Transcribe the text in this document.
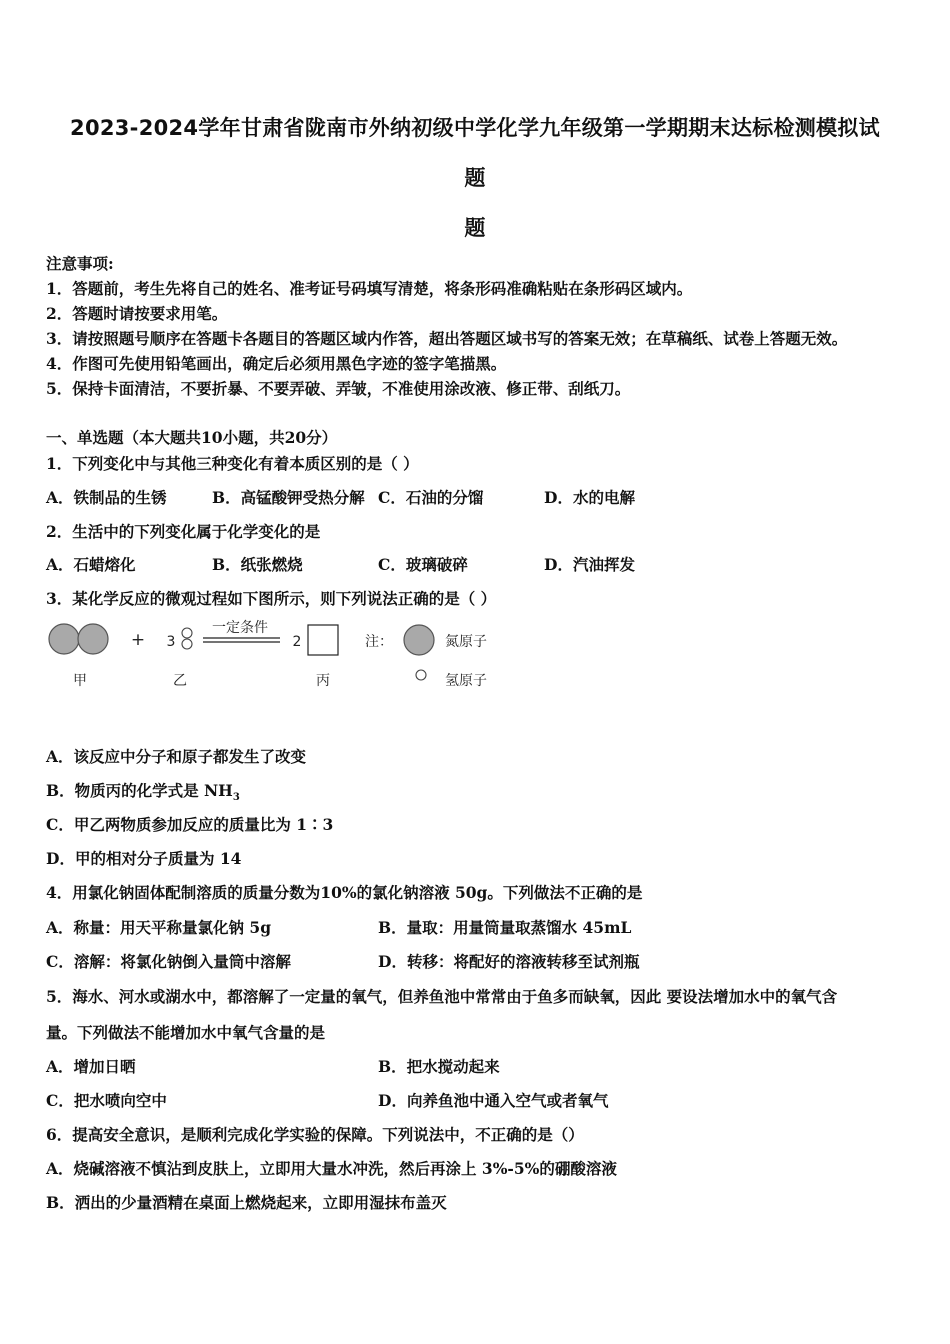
2023-2024学年甘肃省陇南市外纳初级中学化学九年级第一学期期末达标检测模拟试
题
题
注意事项:
1．答题前，考生先将自己的姓名、准考证号码填写清楚，将条形码准确粘贴在条形码区域内。
2．答题时请按要求用笔。
3．请按照题号顺序在答题卡各题目的答题区域内作答，超出答题区域书写的答案无效；在草稿纸、试卷上答题无效。
4．作图可先使用铅笔画出，确定后必须用黑色字迹的签字笔描黑。
5．保持卡面清洁，不要折暴、不要弄破、弄皱，不准使用涂改液、修正带、刮纸刀。
一、单选题（本大题共10小题，共20分）
1．下列变化中与其他三种变化有着本质区别的是（ ）
A．铁制品的生锈	B．高锰酸钾受热分解 C．石油的分馏	D．水的电解
2．生活中的下列变化属于化学变化的是
A．石蜡熔化	B．纸张燃烧	C．玻璃破碎	D．汽油挥发
3．某化学反应的微观过程如下图所示，则下列说法正确的是（ ）
+ 3
一定条件
2	注：	氮原子
氢原子
甲	乙	丙
A．该反应中分子和原子都发生了改变
B．物质丙的化学式是 $NH_3$
C．甲乙两物质参加反应的质量比为 1∶3
D．甲的相对分子质量为 14
4．用氯化钠固体配制溶质的质量分数为10%的氯化钠溶液 50g。下列做法不正确的是
A．称量：用天平称量氯化钠 5g	B．量取：用量筒量取蒸馏水 45mL
C．溶解：将氯化钠倒入量筒中溶解	D．转移：将配好的溶液转移至试剂瓶
5．海水、河水或湖水中，都溶解了一定量的氧气，但养鱼池中常常由于鱼多而缺氧，因此 要设法增加水中的氧气含
量。下列做法不能增加水中氧气含量的是
A．增加日晒	B．把水搅动起来
C．把水喷向空中	D．向养鱼池中通入空气或者氧气
6．提高安全意识，是顺利完成化学实验的保障。下列说法中，不正确的是（）
A．烧碱溶液不慎沾到皮肤上，立即用大量水冲洗，然后再涂上 3%-5%的硼酸溶液
B．洒出的少量酒精在桌面上燃烧起来，立即用湿抹布盖灭
